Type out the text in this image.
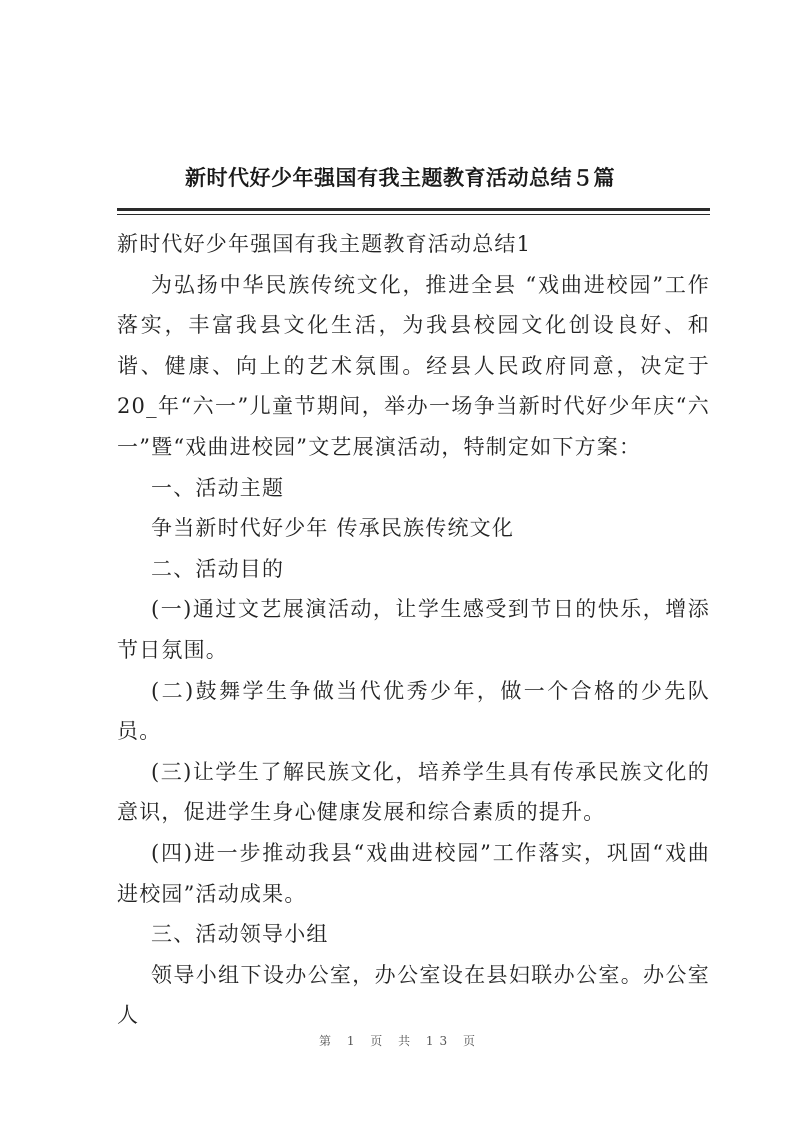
新时代好少年强国有我主题教育活动总结５篇

新时代好少年强国有我主题教育活动总结1

为弘扬中华民族传统文化，推进全县 “戏曲进校园”工作落实，丰富我县文化生活，为我县校园文化创设良好、和谐、健康、向上的艺术氛围。经县人民政府同意，决定于20_年“六一”儿童节期间，举办一场争当新时代好少年庆“六一”暨“戏曲进校园”文艺展演活动，特制定如下方案：

一、活动主题

争当新时代好少年 传承民族传统文化

二、活动目的

(一)通过文艺展演活动，让学生感受到节日的快乐，增添节日氛围。

(二)鼓舞学生争做当代优秀少年，做一个合格的少先队员。

(三)让学生了解民族文化，培养学生具有传承民族文化的意识，促进学生身心健康发展和综合素质的提升。

(四)进一步推动我县“戏曲进校园”工作落实，巩固“戏曲进校园”活动成果。

三、活动领导小组

领导小组下设办公室，办公室设在县妇联办公室。办公室人

第 1 页 共 13 页
